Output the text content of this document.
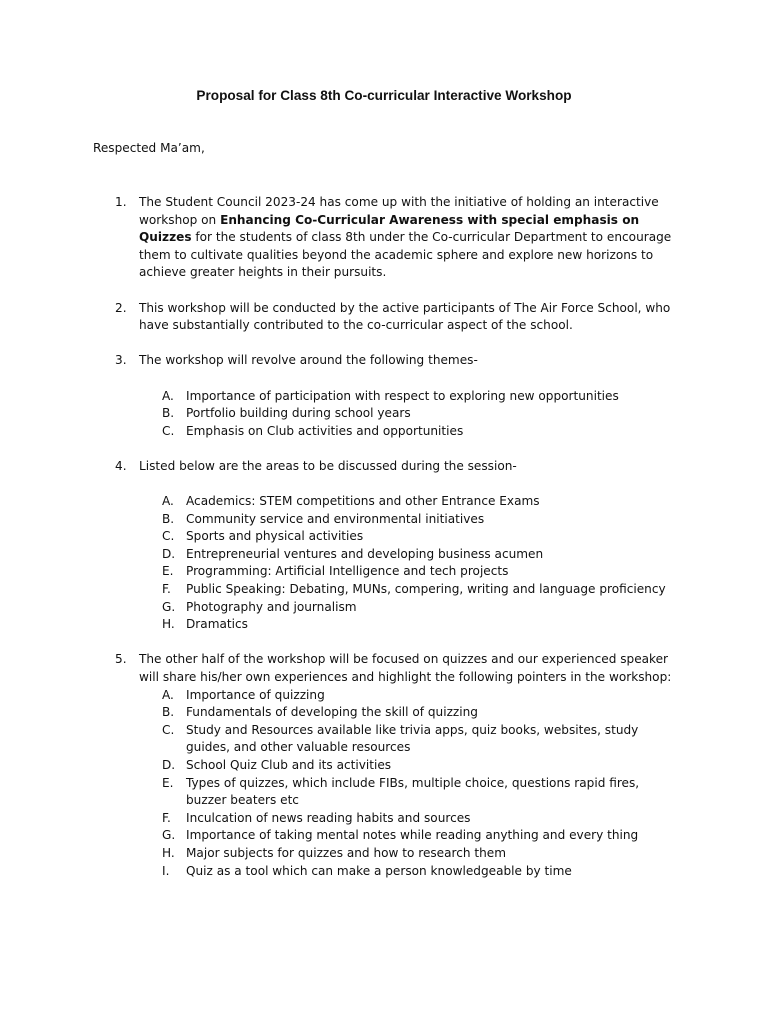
Proposal for Class 8th Co-curricular Interactive Workshop
Respected Ma’am,
1. The Student Council 2023-24 has come up with the initiative of holding an interactive workshop on Enhancing Co-Curricular Awareness with special emphasis on Quizzes for the students of class 8th under the Co-curricular Department to encourage them to cultivate qualities beyond the academic sphere and explore new horizons to achieve greater heights in their pursuits.
2. This workshop will be conducted by the active participants of The Air Force School, who have substantially contributed to the co-curricular aspect of the school.
3. The workshop will revolve around the following themes-
A. Importance of participation with respect to exploring new opportunities
B. Portfolio building during school years
C. Emphasis on Club activities and opportunities
4. Listed below are the areas to be discussed during the session-
A. Academics: STEM competitions and other Entrance Exams
B. Community service and environmental initiatives
C. Sports and physical activities
D. Entrepreneurial ventures and developing business acumen
E. Programming: Artificial Intelligence and tech projects
F. Public Speaking: Debating, MUNs, compering, writing and language proficiency
G. Photography and journalism
H. Dramatics
5. The other half of the workshop will be focused on quizzes and our experienced speaker will share his/her own experiences and highlight the following pointers in the workshop:
A. Importance of quizzing
B. Fundamentals of developing the skill of quizzing
C. Study and Resources available like trivia apps, quiz books, websites, study guides, and other valuable resources
D. School Quiz Club and its activities
E. Types of quizzes, which include FIBs, multiple choice, questions rapid fires, buzzer beaters etc
F. Inculcation of news reading habits and sources
G. Importance of taking mental notes while reading anything and every thing
H. Major subjects for quizzes and how to research them
I. Quiz as a tool which can make a person knowledgeable by time
